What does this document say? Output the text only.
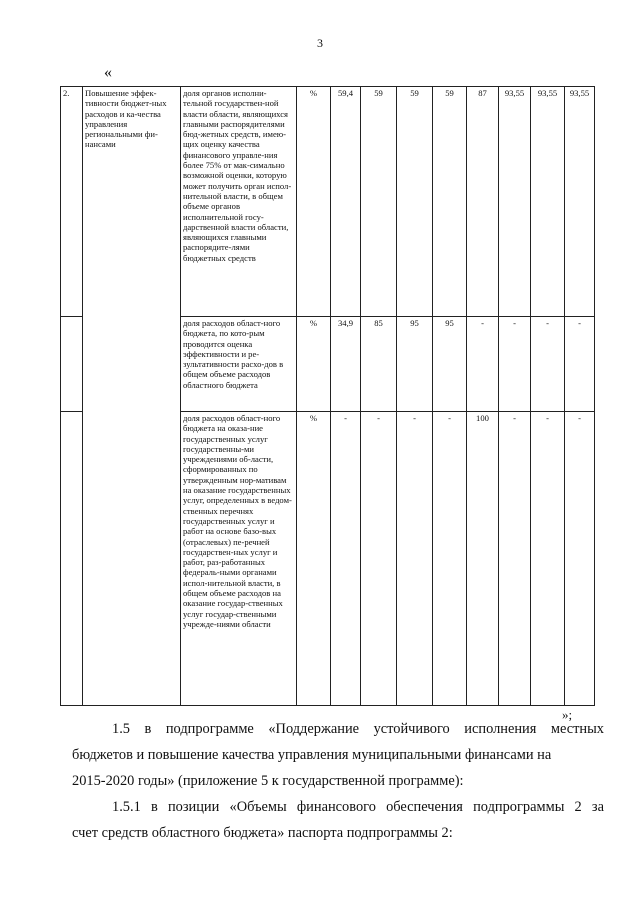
3
«
2.	Повышение эффек-тивности бюджет-ных расходов и ка-чества управления региональными фи-нансами	доля органов исполни-тельной государствен-ной власти области, являющихся главными распорядителями бюд-жетных средств, имею-щих оценку качества финансового управле-ния более 75% от мак-симально возможной оценки, которую может получить орган испол-нительной власти, в общем объеме органов исполнительной госу-дарственной власти области, являющихся главными распорядите-лями бюджетных средств	%	59,4	59	59	59	87	93,55	93,55	93,55
		доля расходов област-ного бюджета, по кото-рым проводится оценка эффективности и ре-зультативности расхо-дов в общем объеме расходов областного бюджета	%	34,9	85	95	95	-	-	-	-
		доля расходов област-ного бюджета на оказа-ние государственных услуг государственны-ми учреждениями об-ласти, сформированных по утвержденным нор-мативам на оказание государственных услуг, определенных в ведом-ственных перечнях государственных услуг и работ на основе базо-вых (отраслевых) пе-речней государствен-ных услуг и работ, раз-работанных федераль-ными органами испол-нительной власти, в общем объеме расходов на оказание государ-ственных услуг государ-ственными учрежде-ниями области	%	-	-	-	-	100	-	-	-
»;
1.5 в подпрограмме «Поддержание устойчивого исполнения местных
бюджетов и повышение качества управления муниципальными финансами на
2015-2020 годы» (приложение 5 к государственной программе):
1.5.1 в позиции «Объемы финансового обеспечения подпрограммы 2 за
счет средств областного бюджета» паспорта подпрограммы 2:
